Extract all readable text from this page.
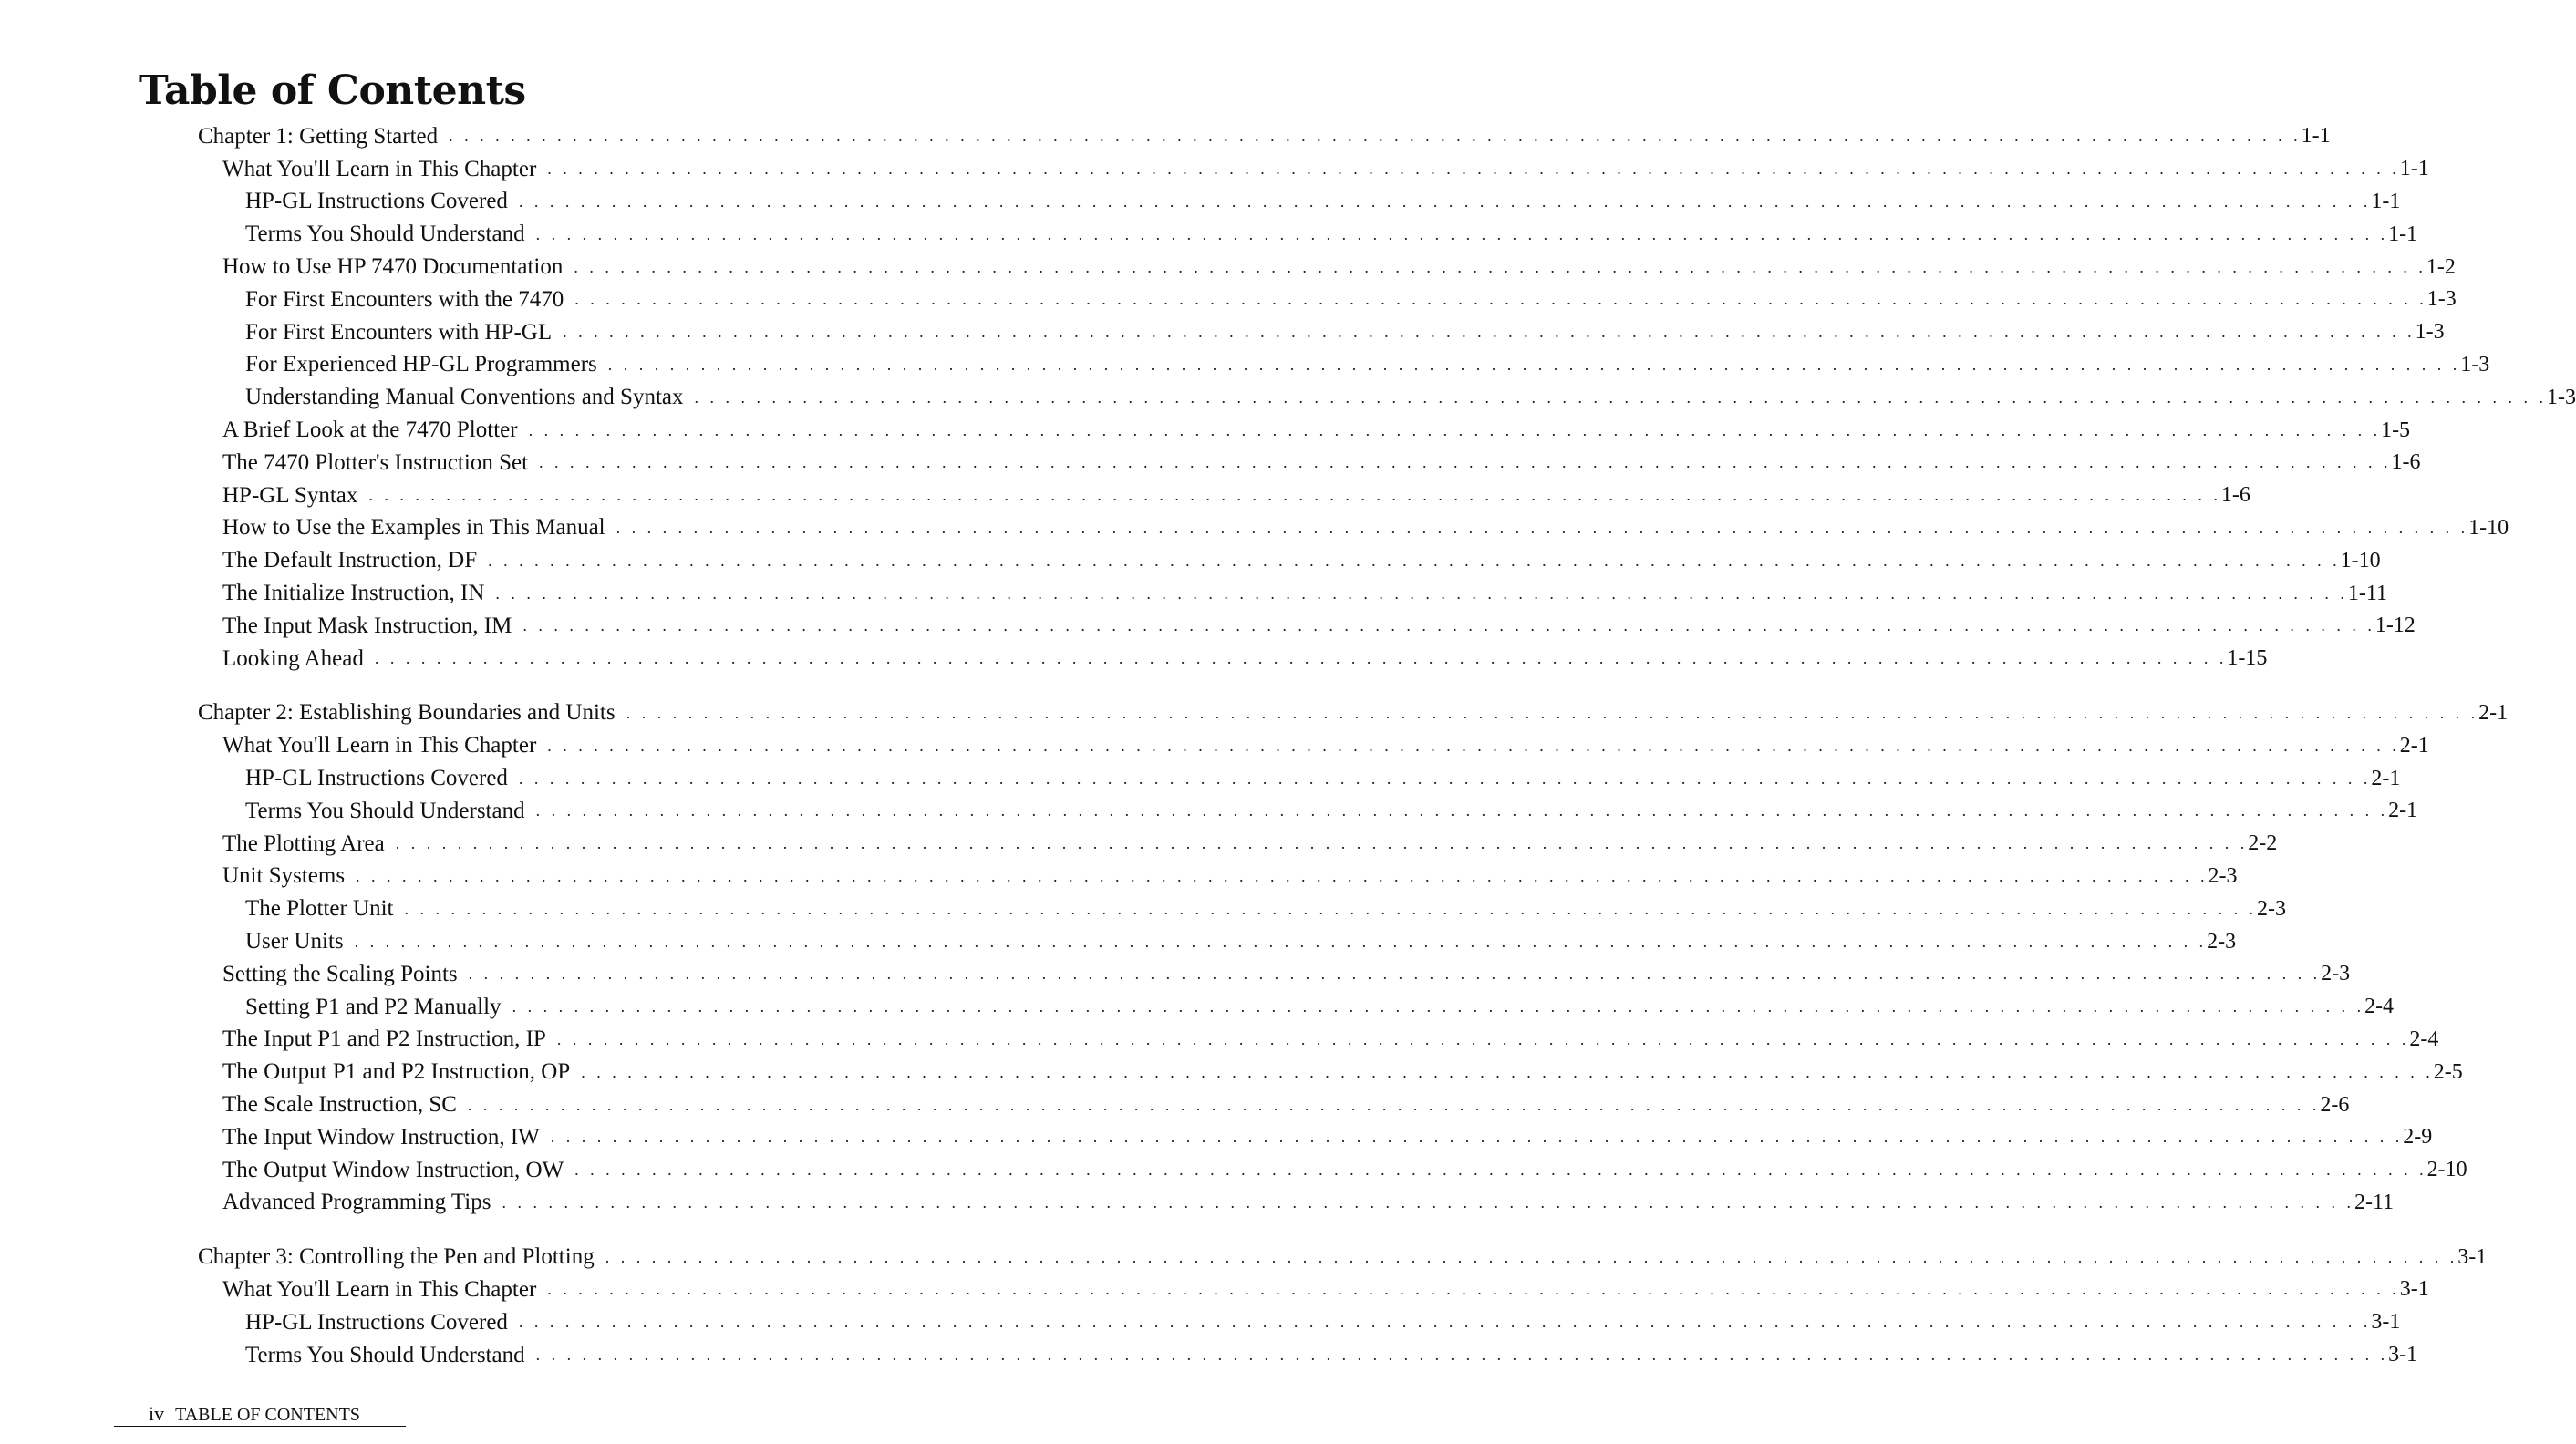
Table of Contents
Chapter 1: Getting Started . . . . . . . . . . . . . . . . . . . . . . . . . . . . . . . . . . . . . . . . . . . . . . . . . . . . . . . . . . . . . . . . . . . . . . . . . . . . . . . . . . . . . . . . . . . . . . . . . . . . . . . . . . . . . . . . . . . . . . . . 1-1
What You'll Learn in This Chapter . . . . . . . . . . . . . . . . . . . . . . . . . . . . . . . . . . . . . . . . . . . . . . . . . . . . . . . . . . . . . . . . . . . . . . . . . . . . . . . . . . . . . . . . . . . . . . . . . . . . . . . . . . . . . . . . . . . . . . . . 1-1
HP-GL Instructions Covered . . . . . . . . . . . . . . . . . . . . . . . . . . . . . . . . . . . . . . . . . . . . . . . . . . . . . . . . . . . . . . . . . . . . . . . . . . . . . . . . . . . . . . . . . . . . . . . . . . . . . . . . . . . . . . . . . . . . . . . . 1-1
Terms You Should Understand . . . . . . . . . . . . . . . . . . . . . . . . . . . . . . . . . . . . . . . . . . . . . . . . . . . . . . . . . . . . . . . . . . . . . . . . . . . . . . . . . . . . . . . . . . . . . . . . . . . . . . . . . . . . . . . . . . . . . . . . 1-1
How to Use HP 7470 Documentation . . . . . . . . . . . . . . . . . . . . . . . . . . . . . . . . . . . . . . . . . . . . . . . . . . . . . . . . . . . . . . . . . . . . . . . . . . . . . . . . . . . . . . . . . . . . . . . . . . . . . . . . . . . . . . . . . . . . . . . . 1-2
For First Encounters with the 7470 . . . . . . . . . . . . . . . . . . . . . . . . . . . . . . . . . . . . . . . . . . . . . . . . . . . . . . . . . . . . . . . . . . . . . . . . . . . . . . . . . . . . . . . . . . . . . . . . . . . . . . . . . . . . . . . . . . . . . . . . 1-3
For First Encounters with HP-GL . . . . . . . . . . . . . . . . . . . . . . . . . . . . . . . . . . . . . . . . . . . . . . . . . . . . . . . . . . . . . . . . . . . . . . . . . . . . . . . . . . . . . . . . . . . . . . . . . . . . . . . . . . . . . . . . . . . . . . . . 1-3
For Experienced HP-GL Programmers . . . . . . . . . . . . . . . . . . . . . . . . . . . . . . . . . . . . . . . . . . . . . . . . . . . . . . . . . . . . . . . . . . . . . . . . . . . . . . . . . . . . . . . . . . . . . . . . . . . . . . . . . . . . . . . . . . . . . . . . 1-3
Understanding Manual Conventions and Syntax . . . . . . . . . . . . . . . . . . . . . . . . . . . . . . . . . . . . . . . . . . . . . . . . . . . . . . . . . . . . . . . . . . . . . . . . . . . . . . . . . . . . . . . . . . . . . . . . . . . . . . . . . . . . . . . . . . . . . . . . 1-3
A Brief Look at the 7470 Plotter . . . . . . . . . . . . . . . . . . . . . . . . . . . . . . . . . . . . . . . . . . . . . . . . . . . . . . . . . . . . . . . . . . . . . . . . . . . . . . . . . . . . . . . . . . . . . . . . . . . . . . . . . . . . . . . . . . . . . . . . 1-5
The 7470 Plotter's Instruction Set . . . . . . . . . . . . . . . . . . . . . . . . . . . . . . . . . . . . . . . . . . . . . . . . . . . . . . . . . . . . . . . . . . . . . . . . . . . . . . . . . . . . . . . . . . . . . . . . . . . . . . . . . . . . . . . . . . . . . . . . 1-6
HP-GL Syntax . . . . . . . . . . . . . . . . . . . . . . . . . . . . . . . . . . . . . . . . . . . . . . . . . . . . . . . . . . . . . . . . . . . . . . . . . . . . . . . . . . . . . . . . . . . . . . . . . . . . . . . . . . . . . . . . . . . . . . . . 1-6
How to Use the Examples in This Manual . . . . . . . . . . . . . . . . . . . . . . . . . . . . . . . . . . . . . . . . . . . . . . . . . . . . . . . . . . . . . . . . . . . . . . . . . . . . . . . . . . . . . . . . . . . . . . . . . . . . . . . . . . . . . . . . . . . . . . . . 1-10
The Default Instruction, DF . . . . . . . . . . . . . . . . . . . . . . . . . . . . . . . . . . . . . . . . . . . . . . . . . . . . . . . . . . . . . . . . . . . . . . . . . . . . . . . . . . . . . . . . . . . . . . . . . . . . . . . . . . . . . . . . . . . . . . . . 1-10
The Initialize Instruction, IN . . . . . . . . . . . . . . . . . . . . . . . . . . . . . . . . . . . . . . . . . . . . . . . . . . . . . . . . . . . . . . . . . . . . . . . . . . . . . . . . . . . . . . . . . . . . . . . . . . . . . . . . . . . . . . . . . . . . . . . . 1-11
The Input Mask Instruction, IM . . . . . . . . . . . . . . . . . . . . . . . . . . . . . . . . . . . . . . . . . . . . . . . . . . . . . . . . . . . . . . . . . . . . . . . . . . . . . . . . . . . . . . . . . . . . . . . . . . . . . . . . . . . . . . . . . . . . . . . . 1-12
Looking Ahead . . . . . . . . . . . . . . . . . . . . . . . . . . . . . . . . . . . . . . . . . . . . . . . . . . . . . . . . . . . . . . . . . . . . . . . . . . . . . . . . . . . . . . . . . . . . . . . . . . . . . . . . . . . . . . . . . . . . . . . . 1-15
Chapter 2: Establishing Boundaries and Units . . . . . . . . . . . . . . . . . . . . . . . . . . . . . . . . . . . . . . . . . . . . . . . . . . . . . . . . . . . . . . . . . . . . . . . . . . . . . . . . . . . . . . . . . . . . . . . . . . . . . . . . . . . . . . . . . . . . . . . . 2-1
What You'll Learn in This Chapter . . . . . . . . . . . . . . . . . . . . . . . . . . . . . . . . . . . . . . . . . . . . . . . . . . . . . . . . . . . . . . . . . . . . . . . . . . . . . . . . . . . . . . . . . . . . . . . . . . . . . . . . . . . . . . . . . . . . . . . . 2-1
HP-GL Instructions Covered . . . . . . . . . . . . . . . . . . . . . . . . . . . . . . . . . . . . . . . . . . . . . . . . . . . . . . . . . . . . . . . . . . . . . . . . . . . . . . . . . . . . . . . . . . . . . . . . . . . . . . . . . . . . . . . . . . . . . . . . 2-1
Terms You Should Understand . . . . . . . . . . . . . . . . . . . . . . . . . . . . . . . . . . . . . . . . . . . . . . . . . . . . . . . . . . . . . . . . . . . . . . . . . . . . . . . . . . . . . . . . . . . . . . . . . . . . . . . . . . . . . . . . . . . . . . . . 2-1
The Plotting Area . . . . . . . . . . . . . . . . . . . . . . . . . . . . . . . . . . . . . . . . . . . . . . . . . . . . . . . . . . . . . . . . . . . . . . . . . . . . . . . . . . . . . . . . . . . . . . . . . . . . . . . . . . . . . . . . . . . . . . . . 2-2
Unit Systems . . . . . . . . . . . . . . . . . . . . . . . . . . . . . . . . . . . . . . . . . . . . . . . . . . . . . . . . . . . . . . . . . . . . . . . . . . . . . . . . . . . . . . . . . . . . . . . . . . . . . . . . . . . . . . . . . . . . . . . . 2-3
The Plotter Unit . . . . . . . . . . . . . . . . . . . . . . . . . . . . . . . . . . . . . . . . . . . . . . . . . . . . . . . . . . . . . . . . . . . . . . . . . . . . . . . . . . . . . . . . . . . . . . . . . . . . . . . . . . . . . . . . . . . . . . . . 2-3
User Units . . . . . . . . . . . . . . . . . . . . . . . . . . . . . . . . . . . . . . . . . . . . . . . . . . . . . . . . . . . . . . . . . . . . . . . . . . . . . . . . . . . . . . . . . . . . . . . . . . . . . . . . . . . . . . . . . . . . . . . . 2-3
Setting the Scaling Points . . . . . . . . . . . . . . . . . . . . . . . . . . . . . . . . . . . . . . . . . . . . . . . . . . . . . . . . . . . . . . . . . . . . . . . . . . . . . . . . . . . . . . . . . . . . . . . . . . . . . . . . . . . . . . . . . . . . . . . . 2-3
Setting P1 and P2 Manually . . . . . . . . . . . . . . . . . . . . . . . . . . . . . . . . . . . . . . . . . . . . . . . . . . . . . . . . . . . . . . . . . . . . . . . . . . . . . . . . . . . . . . . . . . . . . . . . . . . . . . . . . . . . . . . . . . . . . . . . 2-4
The Input P1 and P2 Instruction, IP . . . . . . . . . . . . . . . . . . . . . . . . . . . . . . . . . . . . . . . . . . . . . . . . . . . . . . . . . . . . . . . . . . . . . . . . . . . . . . . . . . . . . . . . . . . . . . . . . . . . . . . . . . . . . . . . . . . . . . . . 2-4
The Output P1 and P2 Instruction, OP . . . . . . . . . . . . . . . . . . . . . . . . . . . . . . . . . . . . . . . . . . . . . . . . . . . . . . . . . . . . . . . . . . . . . . . . . . . . . . . . . . . . . . . . . . . . . . . . . . . . . . . . . . . . . . . . . . . . . . . . 2-5
The Scale Instruction, SC . . . . . . . . . . . . . . . . . . . . . . . . . . . . . . . . . . . . . . . . . . . . . . . . . . . . . . . . . . . . . . . . . . . . . . . . . . . . . . . . . . . . . . . . . . . . . . . . . . . . . . . . . . . . . . . . . . . . . . . . 2-6
The Input Window Instruction, IW . . . . . . . . . . . . . . . . . . . . . . . . . . . . . . . . . . . . . . . . . . . . . . . . . . . . . . . . . . . . . . . . . . . . . . . . . . . . . . . . . . . . . . . . . . . . . . . . . . . . . . . . . . . . . . . . . . . . . . . . 2-9
The Output Window Instruction, OW . . . . . . . . . . . . . . . . . . . . . . . . . . . . . . . . . . . . . . . . . . . . . . . . . . . . . . . . . . . . . . . . . . . . . . . . . . . . . . . . . . . . . . . . . . . . . . . . . . . . . . . . . . . . . . . . . . . . . . . . 2-10
Advanced Programming Tips . . . . . . . . . . . . . . . . . . . . . . . . . . . . . . . . . . . . . . . . . . . . . . . . . . . . . . . . . . . . . . . . . . . . . . . . . . . . . . . . . . . . . . . . . . . . . . . . . . . . . . . . . . . . . . . . . . . . . . . . 2-11
Chapter 3: Controlling the Pen and Plotting . . . . . . . . . . . . . . . . . . . . . . . . . . . . . . . . . . . . . . . . . . . . . . . . . . . . . . . . . . . . . . . . . . . . . . . . . . . . . . . . . . . . . . . . . . . . . . . . . . . . . . . . . . . . . . . . . . . . . . . . 3-1
What You'll Learn in This Chapter . . . . . . . . . . . . . . . . . . . . . . . . . . . . . . . . . . . . . . . . . . . . . . . . . . . . . . . . . . . . . . . . . . . . . . . . . . . . . . . . . . . . . . . . . . . . . . . . . . . . . . . . . . . . . . . . . . . . . . . . 3-1
HP-GL Instructions Covered . . . . . . . . . . . . . . . . . . . . . . . . . . . . . . . . . . . . . . . . . . . . . . . . . . . . . . . . . . . . . . . . . . . . . . . . . . . . . . . . . . . . . . . . . . . . . . . . . . . . . . . . . . . . . . . . . . . . . . . . 3-1
Terms You Should Understand . . . . . . . . . . . . . . . . . . . . . . . . . . . . . . . . . . . . . . . . . . . . . . . . . . . . . . . . . . . . . . . . . . . . . . . . . . . . . . . . . . . . . . . . . . . . . . . . . . . . . . . . . . . . . . . . . . . . . . . . 3-1
iv TABLE OF CONTENTS
